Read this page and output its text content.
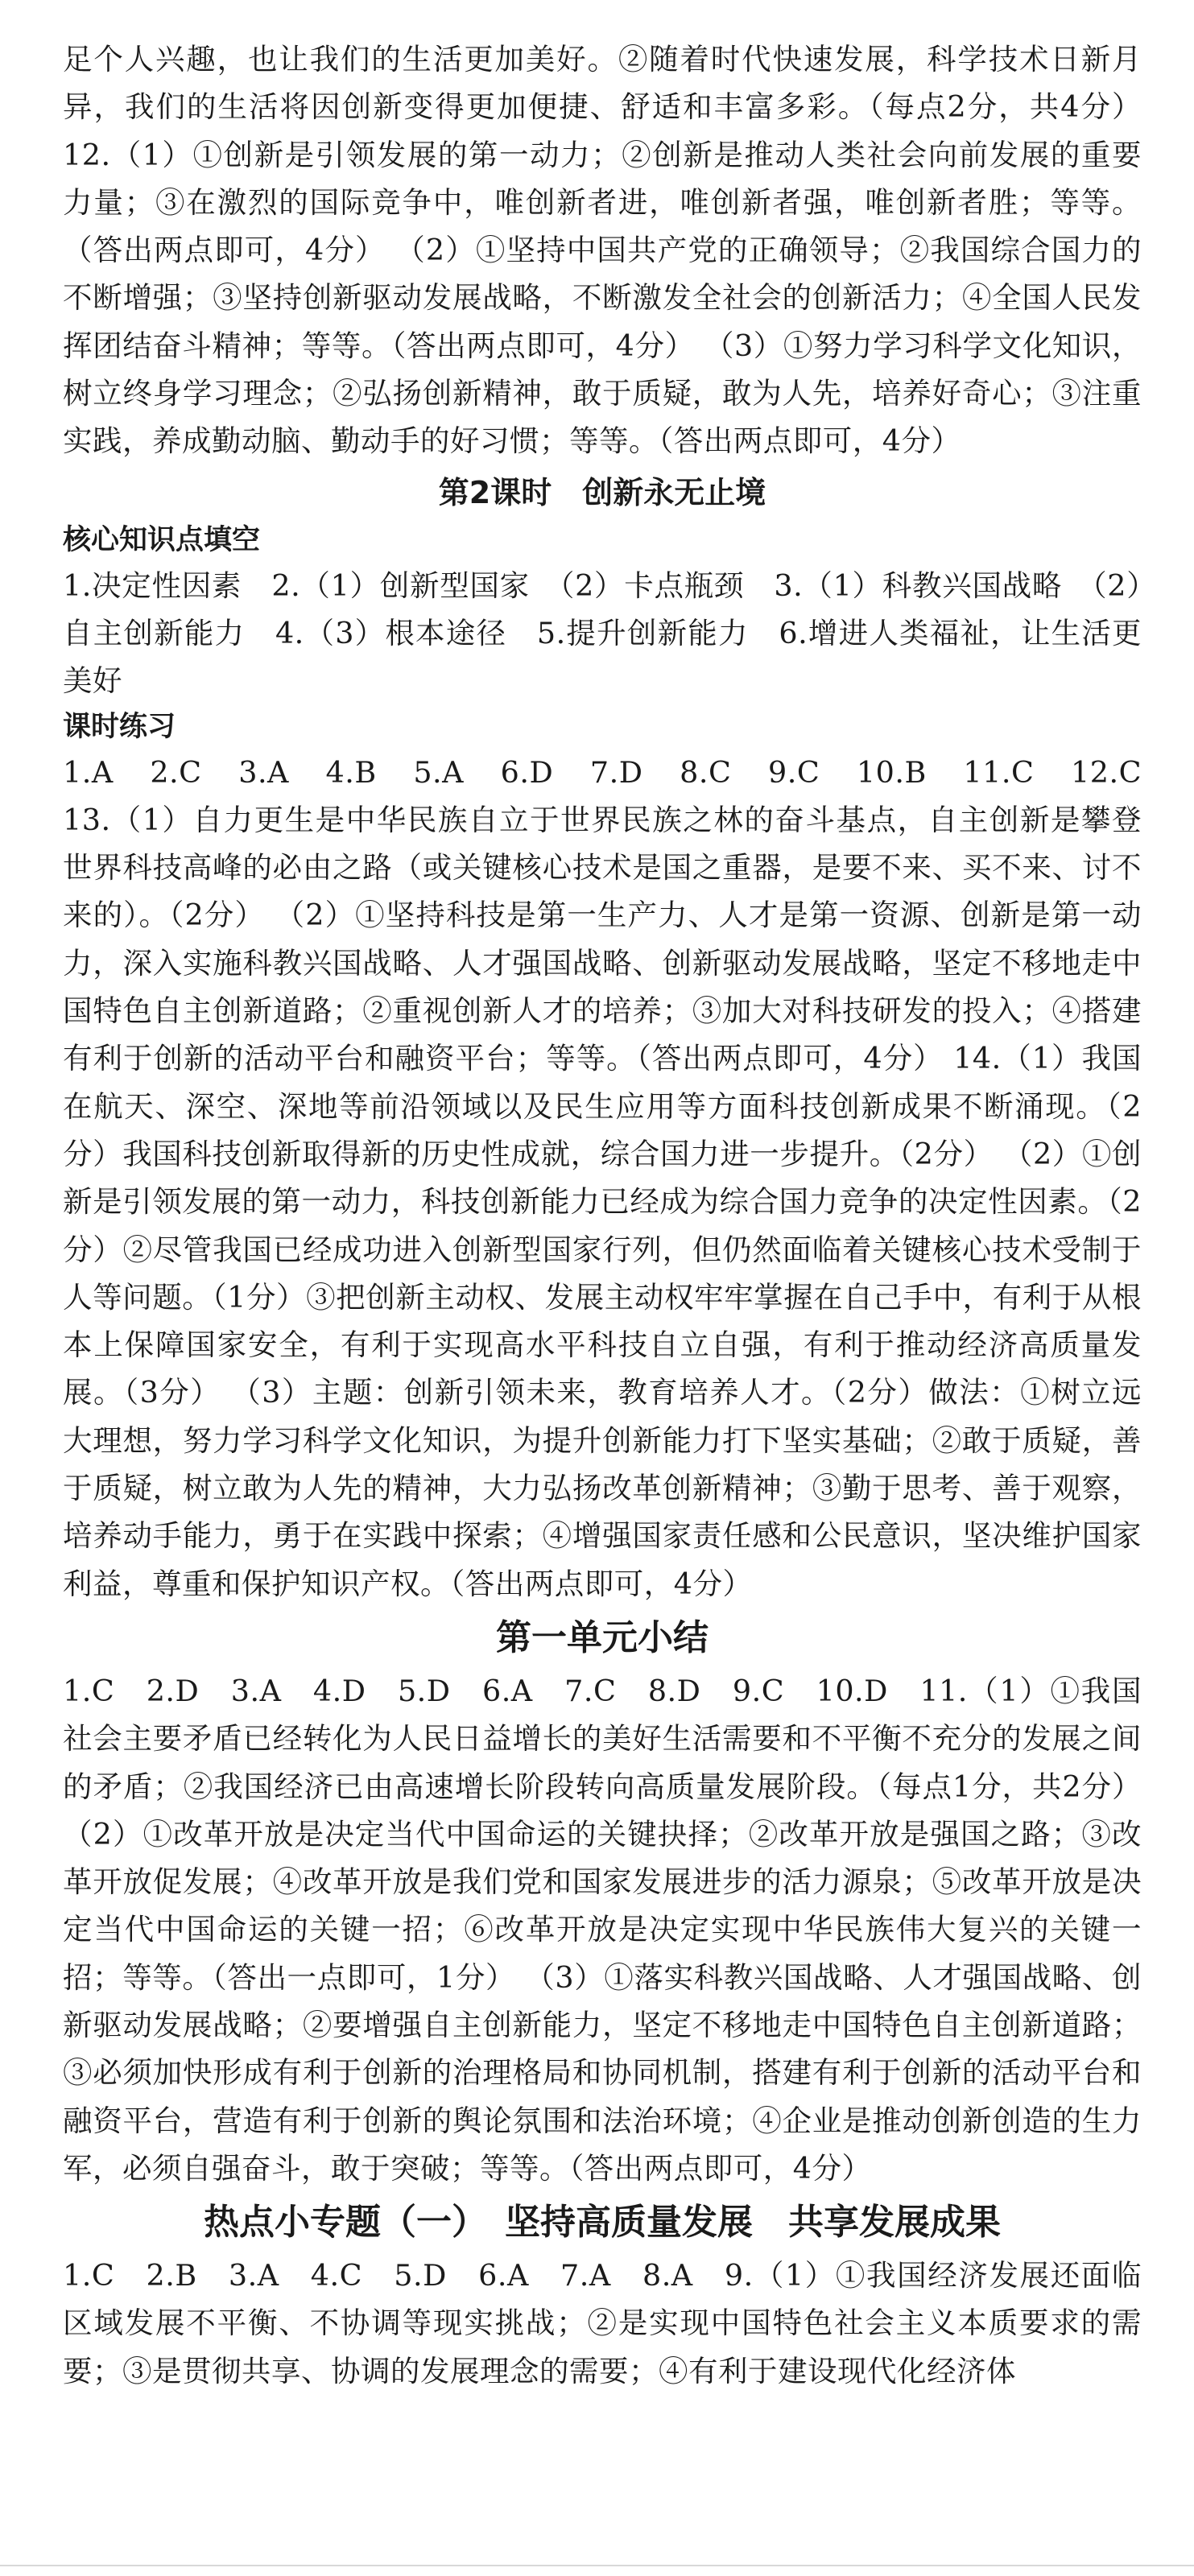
足个人兴趣，也让我们的生活更加美好。②随着时代快速发展，科学技术日新月异，我们的生活将因创新变得更加便捷、舒适和丰富多彩。（每点2分，共4分） 12.（1）①创新是引领发展的第一动力；②创新是推动人类社会向前发展的重要力量；③在激烈的国际竞争中，唯创新者进，唯创新者强，唯创新者胜；等等。（答出两点即可，4分） （2）①坚持中国共产党的正确领导；②我国综合国力的不断增强；③坚持创新驱动发展战略，不断激发全社会的创新活力；④全国人民发挥团结奋斗精神；等等。（答出两点即可，4分） （3）①努力学习科学文化知识，树立终身学习理念；②弘扬创新精神，敢于质疑，敢为人先，培养好奇心；③注重实践，养成勤动脑、勤动手的好习惯；等等。（答出两点即可，4分）

第2课时　创新永无止境
核心知识点填空

1.决定性因素　2.（1）创新型国家　（2）卡点瓶颈　3.（1）科教兴国战略　（2）自主创新能力　4.（3）根本途径　5.提升创新能力　6.增进人类福祉，让生活更美好

课时练习

1.A　2.C　3.A　4.B　5.A　6.D　7.D　8.C　9.C　10.B　11.C　12.C　13.（1）自力更生是中华民族自立于世界民族之林的奋斗基点，自主创新是攀登世界科技高峰的必由之路（或关键核心技术是国之重器，是要不来、买不来、讨不来的）。（2分） （2）①坚持科技是第一生产力、人才是第一资源、创新是第一动力，深入实施科教兴国战略、人才强国战略、创新驱动发展战略，坚定不移地走中国特色自主创新道路；②重视创新人才的培养；③加大对科技研发的投入；④搭建有利于创新的活动平台和融资平台；等等。（答出两点即可，4分） 14.（1）我国在航天、深空、深地等前沿领域以及民生应用等方面科技创新成果不断涌现。（2分）我国科技创新取得新的历史性成就，综合国力进一步提升。（2分） （2）①创新是引领发展的第一动力，科技创新能力已经成为综合国力竞争的决定性因素。（2分）②尽管我国已经成功进入创新型国家行列，但仍然面临着关键核心技术受制于人等问题。（1分）③把创新主动权、发展主动权牢牢掌握在自己手中，有利于从根本上保障国家安全，有利于实现高水平科技自立自强，有利于推动经济高质量发展。（3分） （3）主题：创新引领未来，教育培养人才。（2分）做法：①树立远大理想，努力学习科学文化知识，为提升创新能力打下坚实基础；②敢于质疑，善于质疑，树立敢为人先的精神，大力弘扬改革创新精神；③勤于思考、善于观察，培养动手能力，勇于在实践中探索；④增强国家责任感和公民意识，坚决维护国家利益，尊重和保护知识产权。（答出两点即可，4分）

第一单元小结

1.C　2.D　3.A　4.D　5.D　6.A　7.C　8.D　9.C　10.D　11.（1）①我国社会主要矛盾已经转化为人民日益增长的美好生活需要和不平衡不充分的发展之间的矛盾；②我国经济已由高速增长阶段转向高质量发展阶段。（每点1分，共2分） （2）①改革开放是决定当代中国命运的关键抉择；②改革开放是强国之路；③改革开放促发展；④改革开放是我们党和国家发展进步的活力源泉；⑤改革开放是决定当代中国命运的关键一招；⑥改革开放是决定实现中华民族伟大复兴的关键一招；等等。（答出一点即可，1分） （3）①落实科教兴国战略、人才强国战略、创新驱动发展战略；②要增强自主创新能力，坚定不移地走中国特色自主创新道路；③必须加快形成有利于创新的治理格局和协同机制，搭建有利于创新的活动平台和融资平台，营造有利于创新的舆论氛围和法治环境；④企业是推动创新创造的生力军，必须自强奋斗，敢于突破；等等。（答出两点即可，4分）

热点小专题（一）　坚持高质量发展　共享发展成果

1.C　2.B　3.A　4.C　5.D　6.A　7.A　8.A　9.（1）①我国经济发展还面临区域发展不平衡、不协调等现实挑战；②是实现中国特色社会主义本质要求的需要；③是贯彻共享、协调的发展理念的需要；④有利于建设现代化经济体
